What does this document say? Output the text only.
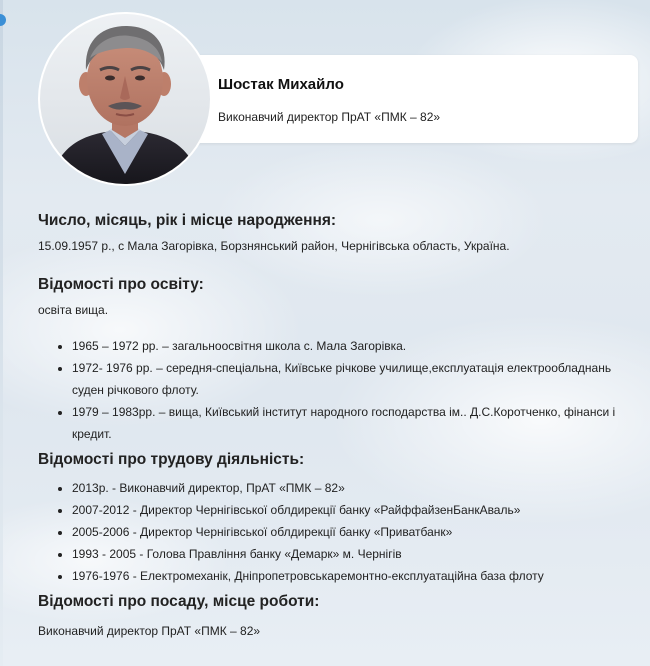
Шостак Михайло
Виконавчий директор ПрАТ «ПМК – 82»
Число, місяць, рік і місце народження:

15.09.1957 р., с Мала Загорівка, Борзнянський район, Чернігівська область, Україна.

Відомості про освіту:

освіта вища.

• 1965 – 1972 рр. – загальноосвітня школа с. Мала Загорівка.
• 1972- 1976 рр. – середня-спеціальна, Київське річкове училище,експлуатація електрообладнань суден річкового флоту.
• 1979 – 1983рр. – вища, Київський інститут народного господарства ім.. Д.С.Коротченко, фінанси і кредит.
Відомості про трудову діяльність:
• 2013р. - Виконавчий директор, ПрАТ «ПМК – 82»
• 2007-2012 - Директор Чернігівської облдирекції банку «РайффайзенБанкАваль»
• 2005-2006 - Директор Чернігівської облдирекції банку «Приватбанк»
• 1993 - 2005 - Голова Правління банку «Демарк» м. Чернігів
• 1976-1976 - Електромеханік, Дніпропетровськаремонтно-експлуатаційна база флоту
Відомості про посаду, місце роботи:

Виконавчий директор ПрАТ «ПМК – 82»
